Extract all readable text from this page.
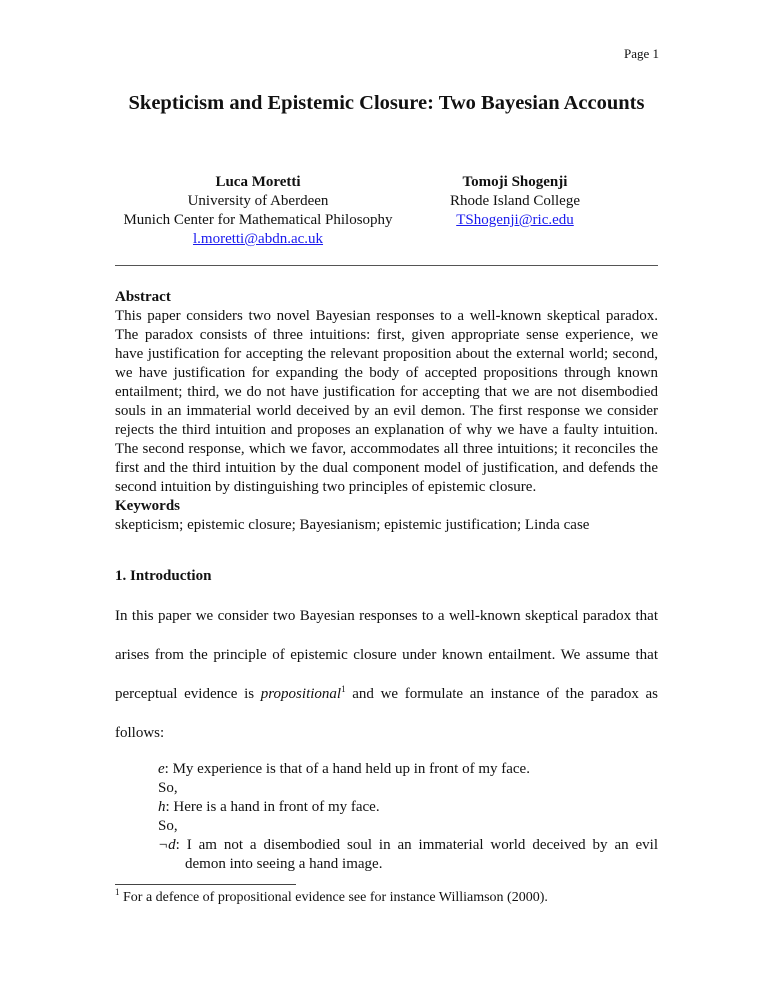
Page 1
Skepticism and Epistemic Closure: Two Bayesian Accounts
Luca Moretti
University of Aberdeen
Munich Center for Mathematical Philosophy
l.moretti@abdn.ac.uk
Tomoji Shogenji
Rhode Island College
TShogenji@ric.edu
Abstract
This paper considers two novel Bayesian responses to a well-known skeptical paradox. The paradox consists of three intuitions: first, given appropriate sense experience, we have justification for accepting the relevant proposition about the external world; second, we have justification for expanding the body of accepted propositions through known entailment; third, we do not have justification for accepting that we are not disembodied souls in an immaterial world deceived by an evil demon. The first response we consider rejects the third intuition and proposes an explanation of why we have a faulty intuition. The second response, which we favor, accommodates all three intuitions; it reconciles the first and the third intuition by the dual component model of justification, and defends the second intuition by distinguishing two principles of epistemic closure.
Keywords
skepticism; epistemic closure; Bayesianism; epistemic justification; Linda case
1. Introduction
In this paper we consider two Bayesian responses to a well-known skeptical paradox that arises from the principle of epistemic closure under known entailment. We assume that perceptual evidence is propositional$^1$ and we formulate an instance of the paradox as follows:
e: My experience is that of a hand held up in front of my face.
So,
h: Here is a hand in front of my face.
So,
¬d: I am not a disembodied soul in an immaterial world deceived by an evil demon into seeing a hand image.
$^1$ For a defence of propositional evidence see for instance Williamson (2000).
